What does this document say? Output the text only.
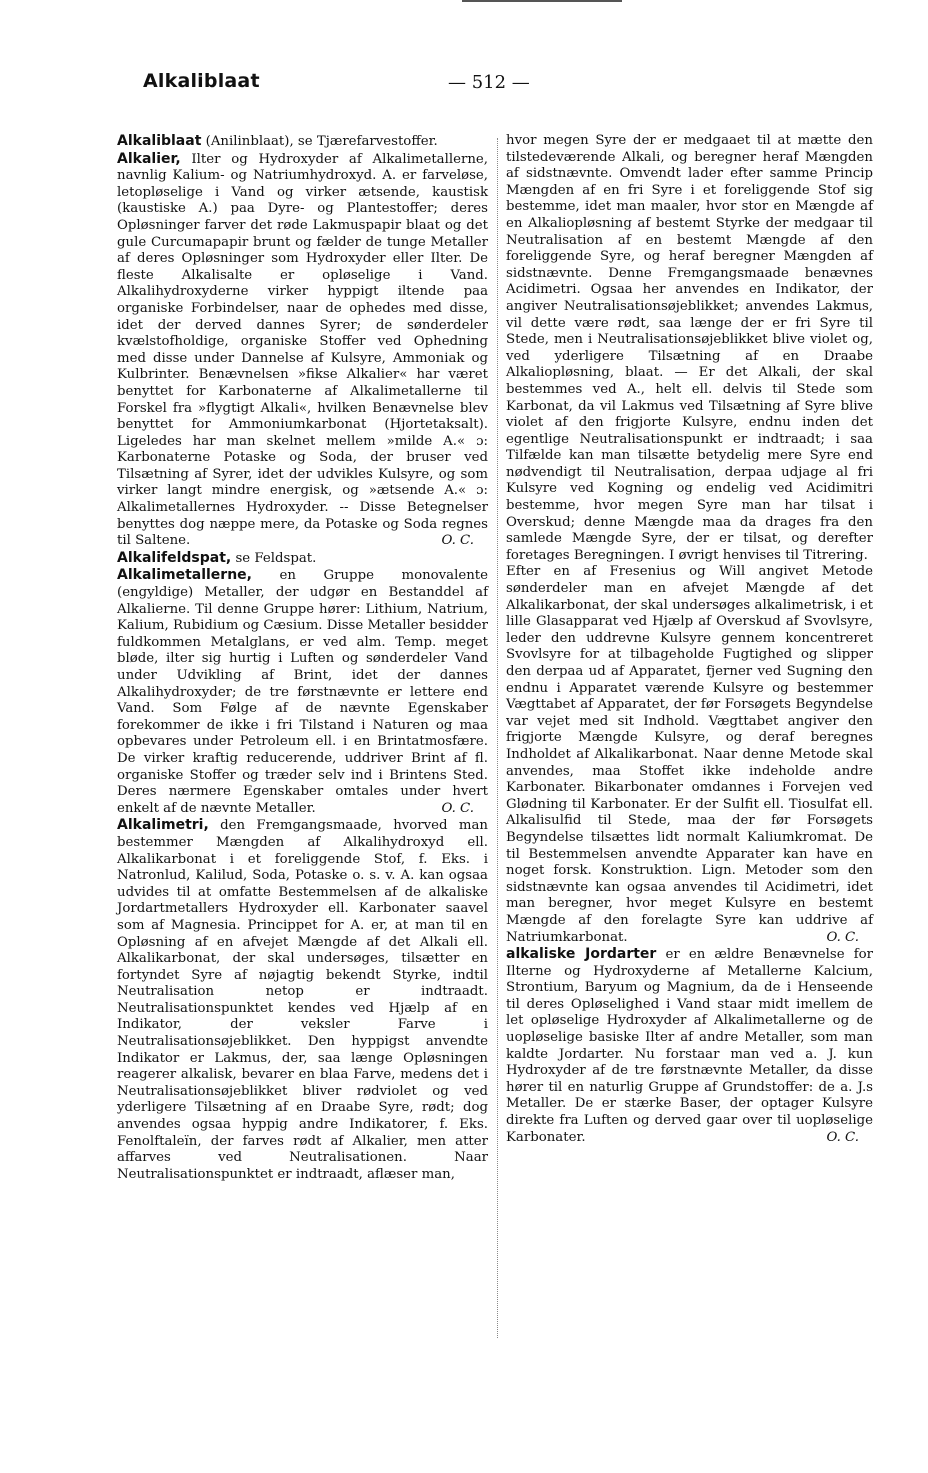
Alkaliblaat	— 512 —

Alkaliblaat (Anilinblaat), se Tjærefarvestoffer.

Alkalier, Ilter og Hydroxyder af Alkalimetallerne, navnlig Kalium- og Natriumhydroxyd. A. er farveløse, letopløselige i Vand og virker ætsende, kaustisk (kaustiske A.) paa Dyre- og Plantestoffer; deres Opløsninger farver det røde Lakmuspapir blaat og det gule Curcumapapir brunt og fælder de tunge Metaller af deres Opløsninger som Hydroxyder eller Ilter. De fleste Alkalisalte er opløselige i Vand. Alkalihydroxyderne virker hyppigt iltende paa organiske Forbindelser, naar de ophedes med disse, idet der derved dannes Syrer; de sønderdeler kvælstofholdige, organiske Stoffer ved Ophedning med disse under Dannelse af Kulsyre, Ammoniak og Kulbrinter. Benævnelsen »fikse Alkalier« har været benyttet for Karbonaterne af Alkalimetallerne til Forskel fra »flygtigt Alkali«, hvilken Benævnelse blev benyttet for Ammoniumkarbonat (Hjortetaksalt). Ligeledes har man skelnet mellem »milde A.« ɔ: Karbonaterne Potaske og Soda, der bruser ved Tilsætning af Syrer, idet der udvikles Kulsyre, og som virker langt mindre energisk, og »ætsende A.« ɔ: Alkalimetallernes Hydroxyder. -- Disse Betegnelser benyttes dog næppe mere, da Potaske og Soda regnes til Saltene.	O. C.

Alkalifeldspat, se Feldspat.

Alkalimetallerne, en Gruppe monovalente (engyldige) Metaller, der udgør en Bestanddel af Alkalierne. Til denne Gruppe hører: Lithium, Natrium, Kalium, Rubidium og Cæsium. Disse Metaller besidder fuldkommen Metalglans, er ved alm. Temp. meget bløde, ilter sig hurtig i Luften og sønderdeler Vand under Udvikling af Brint, idet der dannes Alkalihydroxyder; de tre førstnævnte er lettere end Vand. Som Følge af de nævnte Egenskaber forekommer de ikke i fri Tilstand i Naturen og maa opbevares under Petroleum ell. i en Brintatmosfære. De virker kraftig reducerende, uddriver Brint af fl. organiske Stoffer og træder selv ind i Brintens Sted. Deres nærmere Egenskaber omtales under hvert enkelt af de nævnte Metaller.	O. C.

Alkalimetri, den Fremgangsmaade, hvorved man bestemmer Mængden af Alkalihydroxyd ell. Alkalikarbonat i et foreliggende Stof, f. Eks. i Natronlud, Kalilud, Soda, Potaske o. s. v. A. kan ogsaa udvides til at omfatte Bestemmelsen af de alkaliske Jordartmetallers Hydroxyder ell. Karbonater saavel som af Magnesia. Princippet for A. er, at man til en Opløsning af en afvejet Mængde af det Alkali ell. Alkalikarbonat, der skal undersøges, tilsætter en fortyndet Syre af nøjagtig bekendt Styrke, indtil Neutralisation netop er indtraadt. Neutralisationspunktet kendes ved Hjælp af en Indikator, der veksler Farve i Neutralisationsøjeblikket. Den hyppigst anvendte Indikator er Lakmus, der, saa længe Opløsningen reagerer alkalisk, bevarer en blaa Farve, medens det i Neutralisationsøjeblikket bliver rødviolet og ved yderligere Tilsætning af en Draabe Syre, rødt; dog anvendes ogsaa hyppig andre Indikatorer, f. Eks. Fenolftaleïn, der farves rødt af Alkalier, men atter affarves ved Neutralisationen. Naar Neutralisationspunktet er indtraadt, aflæser man,

hvor megen Syre der er medgaaet til at mætte den tilstedeværende Alkali, og beregner heraf Mængden af sidstnævnte. Omvendt lader efter samme Princip Mængden af en fri Syre i et foreliggende Stof sig bestemme, idet man maaler, hvor stor en Mængde af en Alkaliopløsning af bestemt Styrke der medgaar til Neutralisation af en bestemt Mængde af den foreliggende Syre, og heraf beregner Mængden af sidstnævnte. Denne Fremgangsmaade benævnes Acidimetri. Ogsaa her anvendes en Indikator, der angiver Neutralisationsøjeblikket; anvendes Lakmus, vil dette være rødt, saa længe der er fri Syre til Stede, men i Neutralisationsøjeblikket blive violet og, ved yderligere Tilsætning af en Draabe Alkaliopløsning, blaat. — Er det Alkali, der skal bestemmes ved A., helt ell. delvis til Stede som Karbonat, da vil Lakmus ved Tilsætning af Syre blive violet af den frigjorte Kulsyre, endnu inden det egentlige Neutralisationspunkt er indtraadt; i saa Tilfælde kan man tilsætte betydelig mere Syre end nødvendigt til Neutralisation, derpaa udjage al fri Kulsyre ved Kogning og endelig ved Acidimitri bestemme, hvor megen Syre man har tilsat i Overskud; denne Mængde maa da drages fra den samlede Mængde Syre, der er tilsat, og derefter foretages Beregningen. I øvrigt henvises til Titrering.

Efter en af Fresenius og Will angivet Metode sønderdeler man en afvejet Mængde af det Alkalikarbonat, der skal undersøges alkalimetrisk, i et lille Glasapparat ved Hjælp af Overskud af Svovlsyre, leder den uddrevne Kulsyre gennem koncentreret Svovlsyre for at tilbageholde Fugtighed og slipper den derpaa ud af Apparatet, fjerner ved Sugning den endnu i Apparatet værende Kulsyre og bestemmer Vægttabet af Apparatet, der før Forsøgets Begyndelse var vejet med sit Indhold. Vægttabet angiver den frigjorte Mængde Kulsyre, og deraf beregnes Indholdet af Alkalikarbonat. Naar denne Metode skal anvendes, maa Stoffet ikke indeholde andre Karbonater. Bikarbonater omdannes i Forvejen ved Glødning til Karbonater. Er der Sulfit ell. Tiosulfat ell. Alkalisulfid til Stede, maa der før Forsøgets Begyndelse tilsættes lidt normalt Kaliumkromat. De til Bestemmelsen anvendte Apparater kan have en noget forsk. Konstruktion. Lign. Metoder som den sidstnævnte kan ogsaa anvendes til Acidimetri, idet man beregner, hvor meget Kulsyre en bestemt Mængde af den forelagte Syre kan uddrive af Natriumkarbonat.	O. C.

alkaliske Jordarter er en ældre Benævnelse for Ilterne og Hydroxyderne af Metallerne Kalcium, Strontium, Baryum og Magnium, da de i Henseende til deres Opløselighed i Vand staar midt imellem de let opløselige Hydroxyder af Alkalimetallerne og de uopløselige basiske Ilter af andre Metaller, som man kaldte Jordarter. Nu forstaar man ved a. J. kun Hydroxyder af de tre førstnævnte Metaller, da disse hører til en naturlig Gruppe af Grundstoffer: de a. J.s Metaller. De er stærke Baser, der optager Kulsyre direkte fra Luften og derved gaar over til uopløselige Karbonater.	O. C.
